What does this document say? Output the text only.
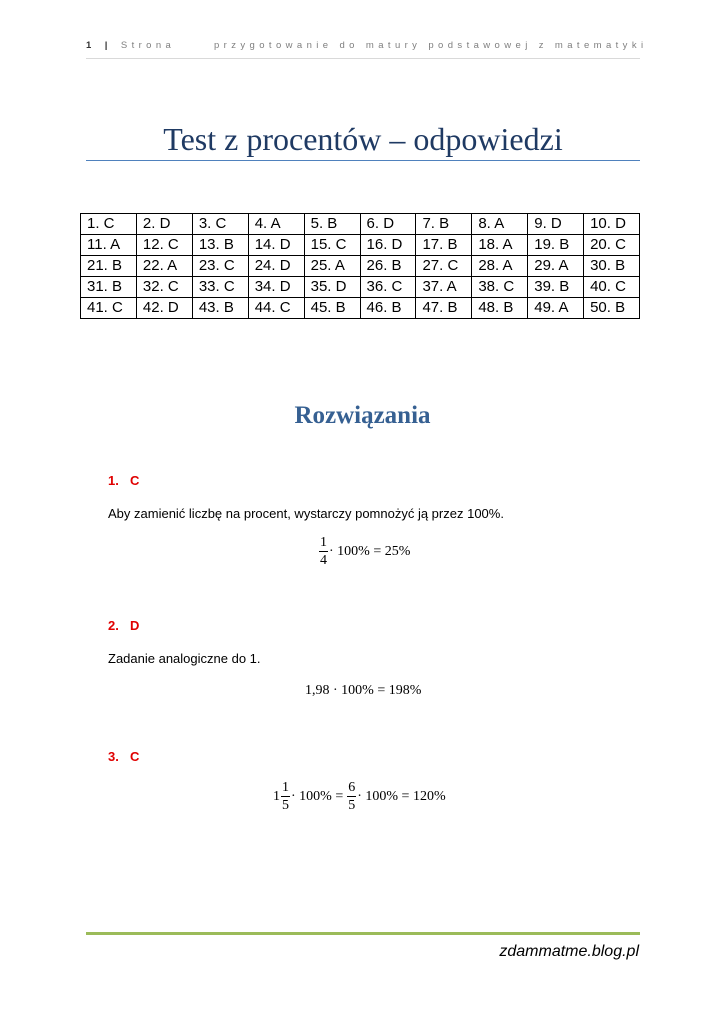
1 | Strona	przygotowanie do matury podstawowej z matematyki
Test z procentów – odpowiedzi
1. C	2. D	3. C	4. A	5. B	6. D	7. B	8. A	9. D	10. D
11. A	12. C	13. B	14. D	15. C	16. D	17. B	18. A	19. B	20. C
21. B	22. A	23. C	24. D	25. A	26. B	27. C	28. A	29. A	30. B
31. B	32. C	33. C	34. D	35. D	36. C	37. A	38. C	39. B	40. C
41. C	42. D	43. B	44. C	45. B	46. B	47. B	48. B	49. A	50. B
Rozwiązania
1. C
Aby zamienić liczbę na procent, wystarczy pomnożyć ją przez 100%.
$\frac{1}{4} \cdot 100\% = 25\%$
2. D
Zadanie analogiczne do 1.
1,98 · 100% = 198%
3. C
$1 \frac{1}{5} \cdot 100\% = \frac{6}{5} \cdot 100\% = 120\%$
zdammatme.blog.pl
